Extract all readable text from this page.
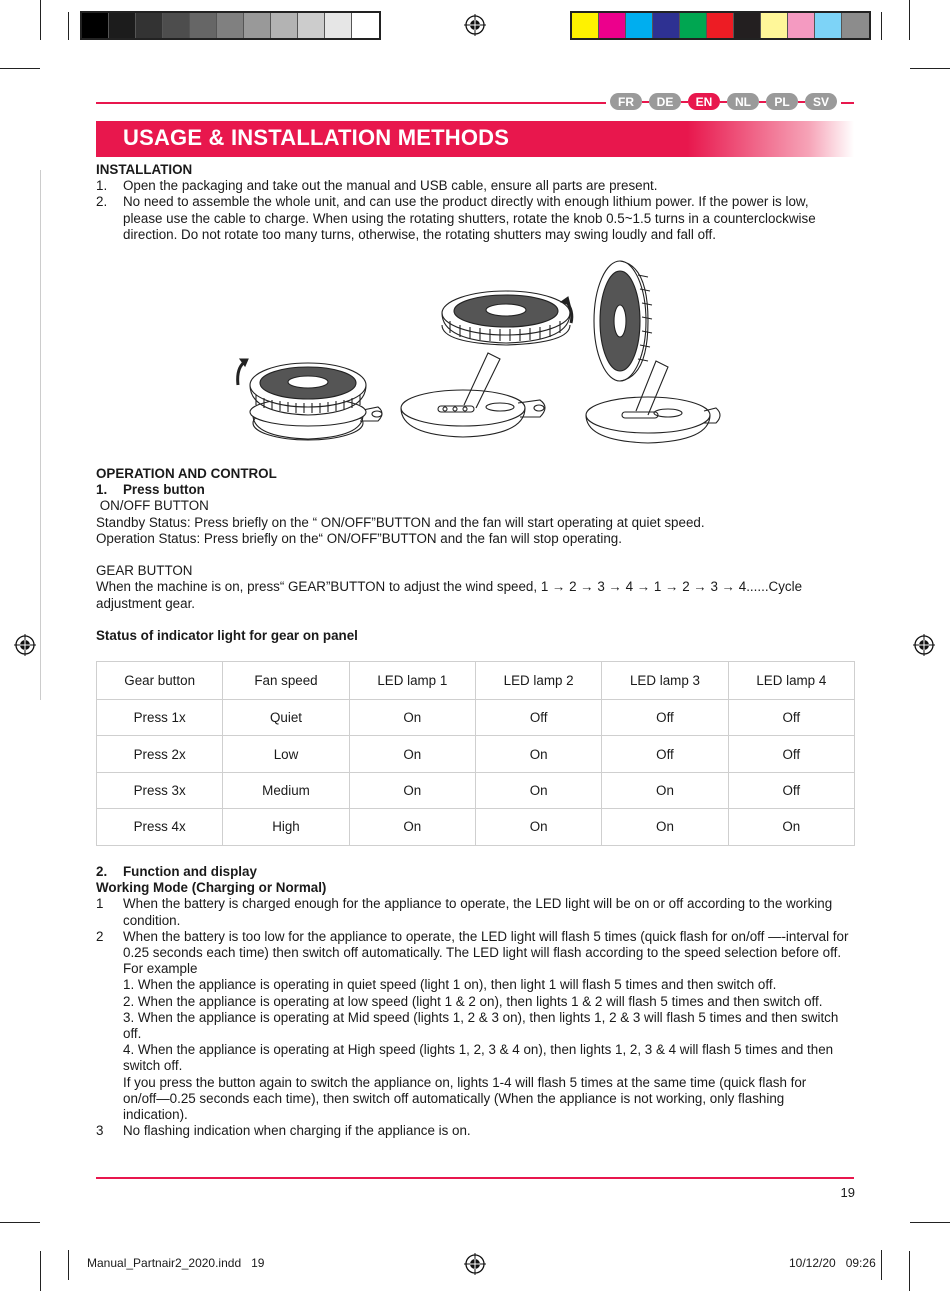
FR	DE	EN	NL	PL	SV
USAGE & INSTALLATION METHODS
INSTALLATION
1. Open the packaging and take out the manual and USB cable, ensure all parts are present.
2. No need to assemble the whole unit, and can use the product directly with enough lithium power. If the power is low, please use the cable to charge. When using the rotating shutters, rotate the knob 0.5~1.5 turns in a counterclockwise direction. Do not rotate too many turns, otherwise, the rotating shutters may swing loudly and fall off.
OPERATION AND CONTROL
1. Press button
ON/OFF BUTTON
Standby Status: Press briefly on the “ ON/OFF”BUTTON and the fan will start operating at quiet speed.
Operation Status: Press briefly on the“ ON/OFF”BUTTON and the fan will stop operating.
GEAR BUTTON
When the machine is on, press“ GEAR”BUTTON to adjust the wind speed, 1 → 2 → 3 → 4 → 1 → 2 → 3 → 4......Cycle adjustment gear.
Status of indicator light for gear on panel
Gear button	Fan speed	LED lamp 1	LED lamp 2	LED lamp 3	LED lamp 4
Press 1x	Quiet	On	Off	Off	Off
Press 2x	Low	On	On	Off	Off
Press 3x	Medium	On	On	On	Off
Press 4x	High	On	On	On	On
2. Function and display
Working Mode (Charging or Normal)
1 When the battery is charged enough for the appliance to operate, the LED light will be on or off according to the working condition.
2 When the battery is too low for the appliance to operate, the LED light will flash 5 times (quick flash for on/off —-interval for 0.25 seconds each time) then switch off automatically. The LED light will flash according to the speed selection before off. For example
1. When the appliance is operating in quiet speed (light 1 on), then light 1 will flash 5 times and then switch off.
2. When the appliance is operating at low speed (light 1 & 2 on), then lights 1 & 2 will flash 5 times and then switch off.
3. When the appliance is operating at Mid speed (lights 1, 2 & 3 on), then lights 1, 2 & 3 will flash 5 times and then switch off.
4. When the appliance is operating at High speed (lights 1, 2, 3 & 4 on), then lights 1, 2, 3 & 4 will flash 5 times and then switch off.
If you press the button again to switch the appliance on, lights 1-4 will flash 5 times at the same time (quick flash for on/off—0.25 seconds each time), then switch off automatically (When the appliance is not working, only flashing indication).
3 No flashing indication when charging if the appliance is on.
19
Manual_Partnair2_2020.indd   19	10/12/20   09:26
